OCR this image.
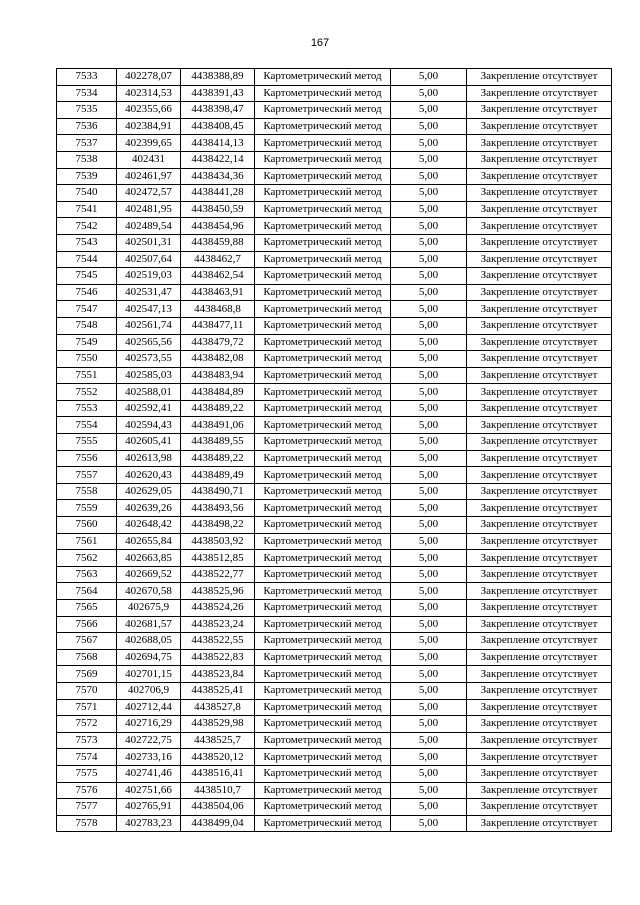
167
7533	402278,07	4438388,89	Картометрический метод	5,00	Закрепление отсутствует
7534	402314,53	4438391,43	Картометрический метод	5,00	Закрепление отсутствует
7535	402355,66	4438398,47	Картометрический метод	5,00	Закрепление отсутствует
7536	402384,91	4438408,45	Картометрический метод	5,00	Закрепление отсутствует
7537	402399,65	4438414,13	Картометрический метод	5,00	Закрепление отсутствует
7538	402431	4438422,14	Картометрический метод	5,00	Закрепление отсутствует
7539	402461,97	4438434,36	Картометрический метод	5,00	Закрепление отсутствует
7540	402472,57	4438441,28	Картометрический метод	5,00	Закрепление отсутствует
7541	402481,95	4438450,59	Картометрический метод	5,00	Закрепление отсутствует
7542	402489,54	4438454,96	Картометрический метод	5,00	Закрепление отсутствует
7543	402501,31	4438459,88	Картометрический метод	5,00	Закрепление отсутствует
7544	402507,64	4438462,7	Картометрический метод	5,00	Закрепление отсутствует
7545	402519,03	4438462,54	Картометрический метод	5,00	Закрепление отсутствует
7546	402531,47	4438463,91	Картометрический метод	5,00	Закрепление отсутствует
7547	402547,13	4438468,8	Картометрический метод	5,00	Закрепление отсутствует
7548	402561,74	4438477,11	Картометрический метод	5,00	Закрепление отсутствует
7549	402565,56	4438479,72	Картометрический метод	5,00	Закрепление отсутствует
7550	402573,55	4438482,08	Картометрический метод	5,00	Закрепление отсутствует
7551	402585,03	4438483,94	Картометрический метод	5,00	Закрепление отсутствует
7552	402588,01	4438484,89	Картометрический метод	5,00	Закрепление отсутствует
7553	402592,41	4438489,22	Картометрический метод	5,00	Закрепление отсутствует
7554	402594,43	4438491,06	Картометрический метод	5,00	Закрепление отсутствует
7555	402605,41	4438489,55	Картометрический метод	5,00	Закрепление отсутствует
7556	402613,98	4438489,22	Картометрический метод	5,00	Закрепление отсутствует
7557	402620,43	4438489,49	Картометрический метод	5,00	Закрепление отсутствует
7558	402629,05	4438490,71	Картометрический метод	5,00	Закрепление отсутствует
7559	402639,26	4438493,56	Картометрический метод	5,00	Закрепление отсутствует
7560	402648,42	4438498,22	Картометрический метод	5,00	Закрепление отсутствует
7561	402655,84	4438503,92	Картометрический метод	5,00	Закрепление отсутствует
7562	402663,85	4438512,85	Картометрический метод	5,00	Закрепление отсутствует
7563	402669,52	4438522,77	Картометрический метод	5,00	Закрепление отсутствует
7564	402670,58	4438525,96	Картометрический метод	5,00	Закрепление отсутствует
7565	402675,9	4438524,26	Картометрический метод	5,00	Закрепление отсутствует
7566	402681,57	4438523,24	Картометрический метод	5,00	Закрепление отсутствует
7567	402688,05	4438522,55	Картометрический метод	5,00	Закрепление отсутствует
7568	402694,75	4438522,83	Картометрический метод	5,00	Закрепление отсутствует
7569	402701,15	4438523,84	Картометрический метод	5,00	Закрепление отсутствует
7570	402706,9	4438525,41	Картометрический метод	5,00	Закрепление отсутствует
7571	402712,44	4438527,8	Картометрический метод	5,00	Закрепление отсутствует
7572	402716,29	4438529,98	Картометрический метод	5,00	Закрепление отсутствует
7573	402722,75	4438525,7	Картометрический метод	5,00	Закрепление отсутствует
7574	402733,16	4438520,12	Картометрический метод	5,00	Закрепление отсутствует
7575	402741,46	4438516,41	Картометрический метод	5,00	Закрепление отсутствует
7576	402751,66	4438510,7	Картометрический метод	5,00	Закрепление отсутствует
7577	402765,91	4438504,06	Картометрический метод	5,00	Закрепление отсутствует
7578	402783,23	4438499,04	Картометрический метод	5,00	Закрепление отсутствует
